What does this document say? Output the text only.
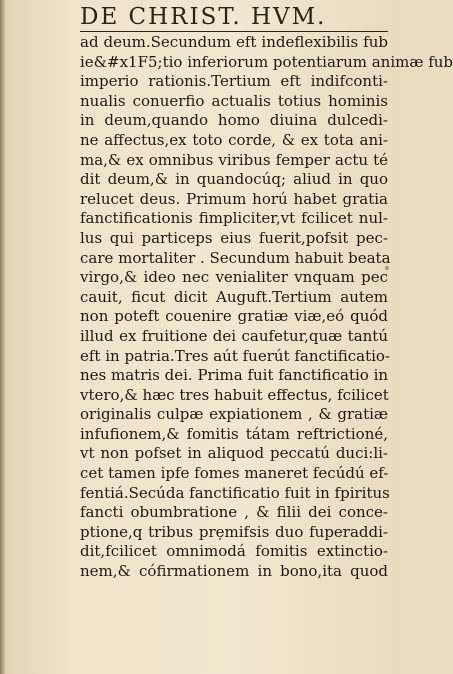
DE CHRIST. HVM.
ad deum.Secundum eft indeflexibilis fub
ie&#x1F5;tio inferiorum potentiarum animæ fub
imperio rationis.Tertium eft indifconti-
nualis conuerfio actualis totius hominis
in deum,quando homo diuina dulcedi-
ne affectus,ex toto corde, & ex tota ani-
ma,& ex omnibus viribus femper actu té
dit deum,& in quandocúq; aliud in quo
relucet deus. Primum horú habet gratia
fanctificationis fimpliciter,vt fcilicet nul-
lus qui particeps eius fuerit,pofsit pec-
care mortaliter . Secundum habuit beata
virgo,& ideo nec venialiter vnquam pec
cauit, ficut dicit Auguft.Tertium autem
non poteft couenire gratiæ viæ,eó quód
illud ex fruitione dei caufetur,quæ tantú
eft in patria.Tres aút fuerút fanctificatio-
nes matris dei. Prima fuit fanctificatio in
vtero,& hæc tres habuit effectus, fcilicet
originalis culpæ expiationem , & gratiæ
infufionem,& fomitis tátam reftrictioné,
vt non pofset in aliquod peccatú duci:li-
cet tamen ipfe fomes maneret fecúdú ef-
fentiá.Secúda fanctificatio fuit in fpiritus
fancti obumbratione , & filii dei conce-
ptione,q tribus prẹmifsis duo fuperaddi-
dit,fcilicet omnimodá fomitis extinctio-
nem,& cófirmationem in bono,ita quod
